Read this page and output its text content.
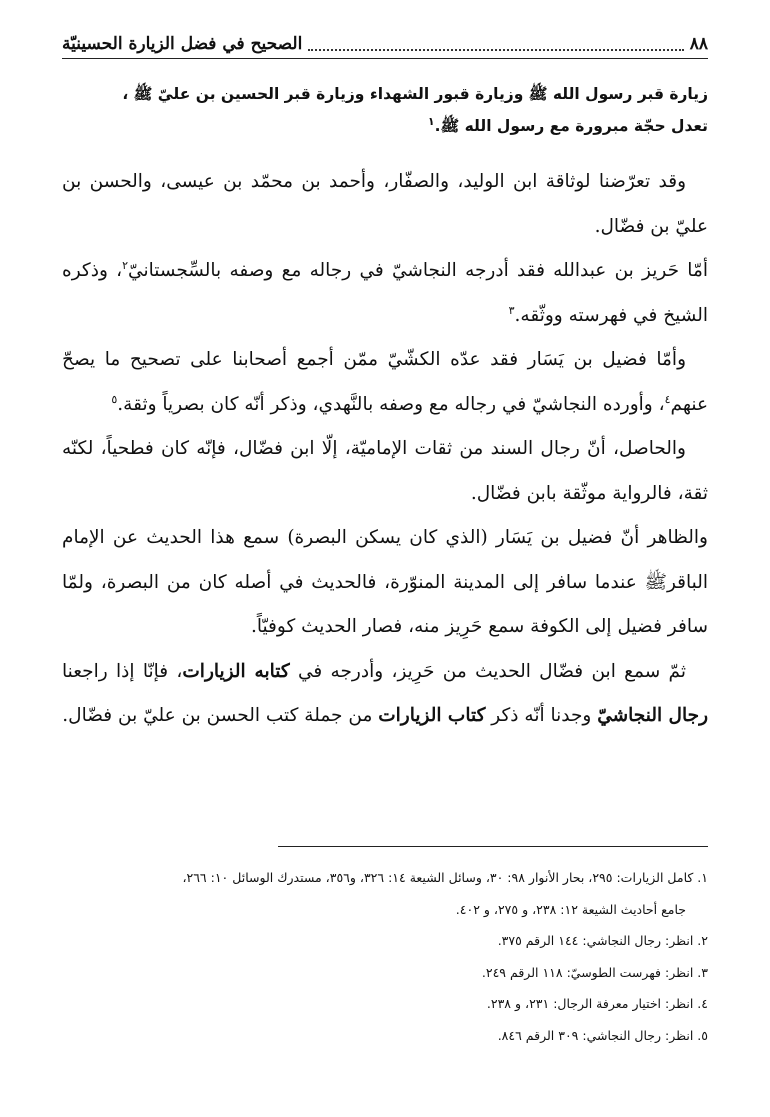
٨٨
الصحيح في فضل الزيارة الحسينيّة
زيارة قبر رسول الله ﷺ وزيارة قبور الشهداء وزيارة قبر الحسين بن عليّ ﷺ ،
تعدل حجّة مبرورة مع رسول الله ﷺ.$^١$

وقد تعرّضنا لوثاقة ابن الوليد، والصفّار، وأحمد بن محمّد بن عيسى، والحسن بن عليّ بن فضّال.

أمّا حَريز بن عبدالله فقد أدرجه النجاشيّ في رجاله مع وصفه بالسِّجستانيّ$^٢$، وذكره الشيخ في فهرسته ووثّقه.$^٣$

وأمّا فضيل بن يَسَار فقد عدّه الكشّيّ ممّن أجمع أصحابنا على تصحيح ما يصحّ عنهم$^٤$، وأورده النجاشيّ في رجاله مع وصفه بالنَّهدي، وذكر أنّه كان بصرياً وثقة.$^٥$

والحاصل، أنّ رجال السند من ثقات الإماميّة، إلّا ابن فضّال، فإنّه كان فطحياً، لكنّه ثقة، فالرواية موثّقة بابن فضّال.

والظاهر أنّ فضيل بن يَسَار (الذي كان يسكن البصرة) سمع هذا الحديث عن الإمام الباقرﷺ عندما سافر إلى المدينة المنوّرة، فالحديث في أصله كان من البصرة، ولمّا سافر فضيل إلى الكوفة سمع حَرِيز منه، فصار الحديث كوفيّاً.

ثمّ سمع ابن فضّال الحديث من حَرِيز، وأدرجه في كتابه الزيارات، فإنّا إذا راجعنا رجال النجاشيّ وجدنا أنّه ذكر كتاب الزيارات من جملة كتب الحسن بن عليّ بن فضّال.

١. كامل الزيارات: ٢٩٥، بحار الأنوار ٩٨: ٣٠، وسائل الشيعة ١٤: ٣٢٦، و٣٥٦، مستدرك الوسائل ١٠: ٢٦٦،

جامع أحاديث الشيعة ١٢: ٢٣٨، و ٢٧٥، و ٤٠٢.

٢. انظر: رجال النجاشي: ١٤٤ الرقم ٣٧٥.

٣. انظر: فهرست الطوسيّ: ١١٨ الرقم ٢٤٩.

٤. انظر: اختيار معرفة الرجال: ٢٣١، و ٢٣٨.

٥. انظر: رجال النجاشي: ٣٠٩ الرقم ٨٤٦.
